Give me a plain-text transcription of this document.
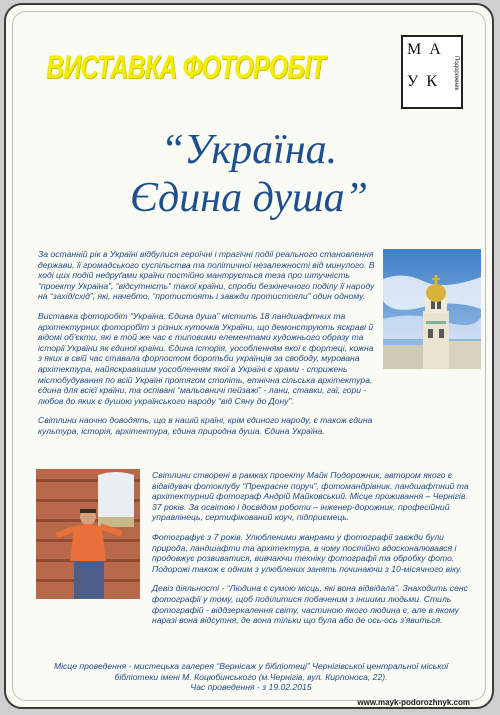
ВИСТАВКА ФОТОРОБІТ	МА
УК	Подорожник
“Україна.
Єдина душа”

За останній рік в Україні відбулися героїчні і трагічні події реального становлення держави, її громадського суспільства та політичної незалежності від минулого. В ході цих подій недруґами країни постійно мантрується теза про штучність “проекту Україна”, “відсутність” такої країни, спроби безкінечного поділу її народу на “захід/схід”, які, начебто, “протистоять і завжди протистояли” один одному.

Виставка фоторобіт “Україна. Єдина душа” містить 18 ландшафтних та архітектурних фоторобіт з різних куточків України, що демонструють яскраві й відомі об'єкти, які в той же час є типовими елементами художнього образу та історії України як єдиної країни. Єдина історія, уособленням якої є фортеці, кожна з яких в свій час ставала форпостом боротьби українців за свободу, мурована архітектура, найяскравішим уособленням якої в Україні є храми - стрижень містобудування по всій Україні протягом століть, етнічна сільська архітектура, єдина для всієї країни, та оспівані “мальовничі пейзажі” - лани, ставки, гаї, гори - любов до яких є душою українського народу “від Сяну до Дону”.

Світлини наочно доводять, що в нашій країні, крім єдиного народу, є також єдина культура, історія, архітектура, єдина природна душа. Єдина Україна.

Світлини створені в рамках проекту Майк Подорожник, автором якого є відвідувач фотоклубу “Прекрасне поруч”, фотомандрівник, ландшафтний та архітектурний фотограф Андрій Майковський. Місце проживання – Чернігів. 37 років. За освітою і досвідом роботи – інженер-дорожник, професійний управлінець, сертифікований коуч, підприємець.

Фотографує з 7 років. Улюбленими жанрами у фотографії завжди були природа, ландшафти та архітектура, в чому постійно вдосконалювався і продовжує розвиватися, вивчаючи техніку фотографії та обробку фото. Подорожі також є одним з улюблених занять починаючи з 10-місячного віку.

Девіз діяльності - “Людина є сумою місць, які вона відвідала”. Знаходить сенс фотографії у тому, щоб поділитися побаченим з іншими людьми. Стиль фотографій - віддзеркалення світу, частиною якого людина є, але в якому наразі вона відсутня, де вона тільки що була або де ось-ось з'явиться.

Місце проведення - мистецька галерея “Вернісаж у бібліотеці” Чернігівської центральної міської бібліотеки імені М. Коцюбинського (м.Чернігів, вул. Кирпоноса, 22).
Час проведення - з 19.02.2015
www.mayk-podorozhnyk.com
